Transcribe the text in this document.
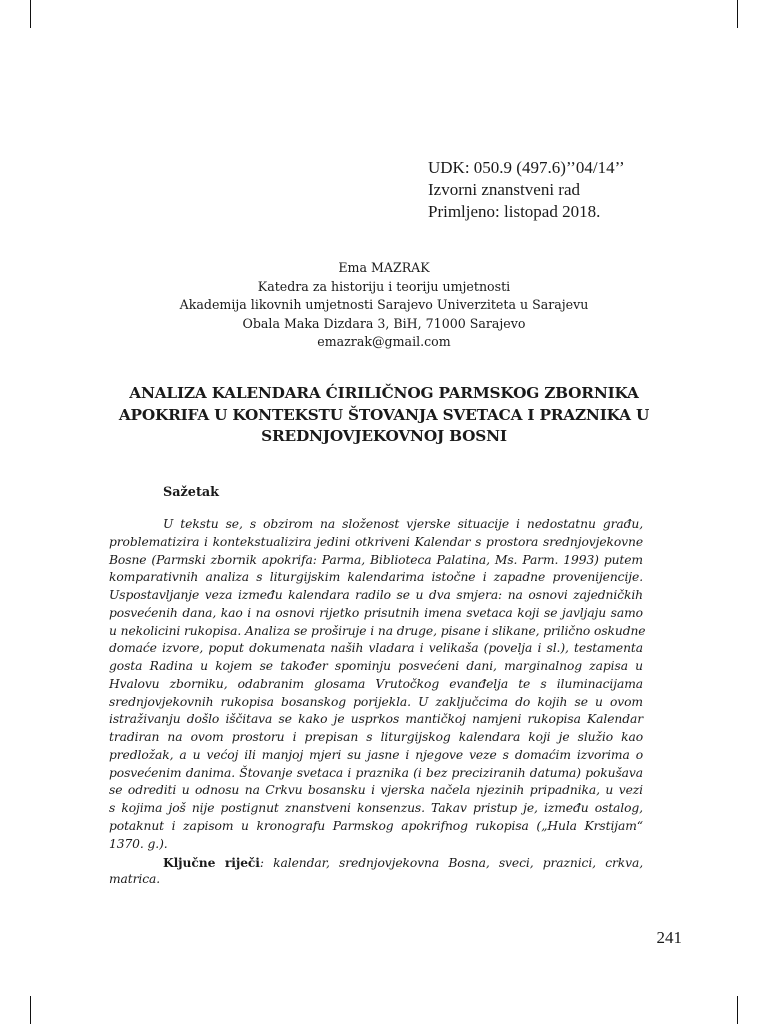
UDK: 050.9 (497.6)’’04/14’’
Izvorni znanstveni rad
Primljeno: listopad 2018.
Ema MAZRAK
Katedra za historiju i teoriju umjetnosti
Akademija likovnih umjetnosti Sarajevo Univerziteta u Sarajevu
Obala Maka Dizdara 3, BiH, 71000 Sarajevo
emazrak@gmail.com
ANALIZA KALENDARA ĆIRILIČNOG PARMSKOG ZBORNIKA
APOKRIFA U KONTEKSTU ŠTOVANJA SVETACA I PRAZNIKA U
SREDNJOVJEKOVNOJ BOSNI
Sažetak
U tekstu se, s obzirom na složenost vjerske situacije i nedostatnu građu,
problematizira i kontekstualizira jedini otkriveni Kalendar s prostora srednjovjekovne
Bosne (Parmski zbornik apokrifa: Parma, Biblioteca Palatina, Ms. Parm. 1993) putem
komparativnih analiza s liturgijskim kalendarima istočne i zapadne provenijencije.
Uspostavljanje veza između kalendara radilo se u dva smjera: na osnovi zajedničkih
posvećenih dana, kao i na osnovi rijetko prisutnih imena svetaca koji se javljaju samo
u nekolicini rukopisa. Analiza se proširuje i na druge, pisane i slikane, prilično oskudne
domaće izvore, poput dokumenata naših vladara i velikaša (povelja i sl.), testamenta
gosta Radina u kojem se također spominju posvećeni dani, marginalnog zapisa u
Hvalovu zborniku, odabranim glosama Vrutočkog evanđelja te s iluminacijama
srednjovjekovnih rukopisa bosanskog porijekla. U zaključcima do kojih se u ovom
istraživanju došlo iščitava se kako je usprkos mantičkoj namjeni rukopisa Kalendar
tradiran na ovom prostoru i prepisan s liturgijskog kalendara koji je služio kao
predložak, a u većoj ili manjoj mjeri su jasne i njegove veze s domaćim izvorima o
posvećenim danima. Štovanje svetaca i praznika (i bez preciziranih datuma) pokušava
se odrediti u odnosu na Crkvu bosansku i vjerska načela njezinih pripadnika, u vezi
s kojima još nije postignut znanstveni konsenzus. Takav pristup je, između ostalog,
potaknut i zapisom u kronografu Parmskog apokrifnog rukopisa („Hula Krstijam“
1370. g.).
Ključne riječi: kalendar, srednjovjekovna Bosna, sveci, praznici, crkva,
matrica.
241
